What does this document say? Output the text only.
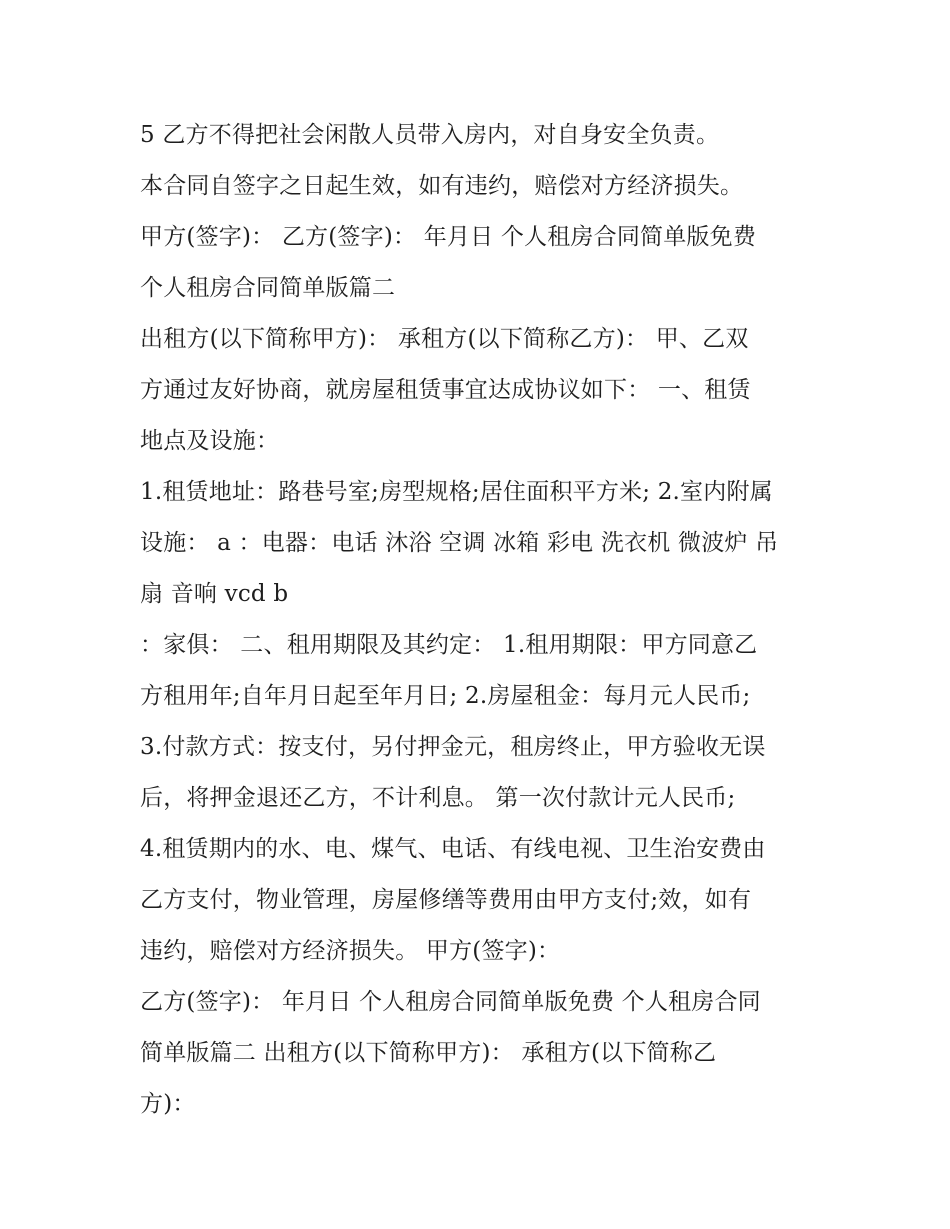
5 乙方不得把社会闲散人员带入房内，对自身安全负责。
本合同自签字之日起生效，如有违约，赔偿对方经济损失。
甲方(签字)： 乙方(签字)： 年月日 个人租房合同简单版免费
个人租房合同简单版篇二
出租方(以下简称甲方)： 承租方(以下简称乙方)： 甲、乙双
方通过友好协商，就房屋租赁事宜达成协议如下： 一、租赁
地点及设施：
1.租赁地址：路巷号室;房型规格;居住面积平方米; 2.室内附属
设施： a ：电器：电话 沐浴 空调 冰箱 彩电 洗衣机 微波炉 吊
扇 音响 vcd b
：家俱： 二、租用期限及其约定： 1.租用期限：甲方同意乙
方租用年;自年月日起至年月日; 2.房屋租金：每月元人民币;
3.付款方式：按支付，另付押金元，租房终止，甲方验收无误
后，将押金退还乙方，不计利息。 第一次付款计元人民币;
4.租赁期内的水、电、煤气、电话、有线电视、卫生治安费由
乙方支付，物业管理，房屋修缮等费用由甲方支付;效，如有
违约，赔偿对方经济损失。 甲方(签字)：
乙方(签字)： 年月日 个人租房合同简单版免费 个人租房合同
简单版篇二 出租方(以下简称甲方)： 承租方(以下简称乙
方)：
